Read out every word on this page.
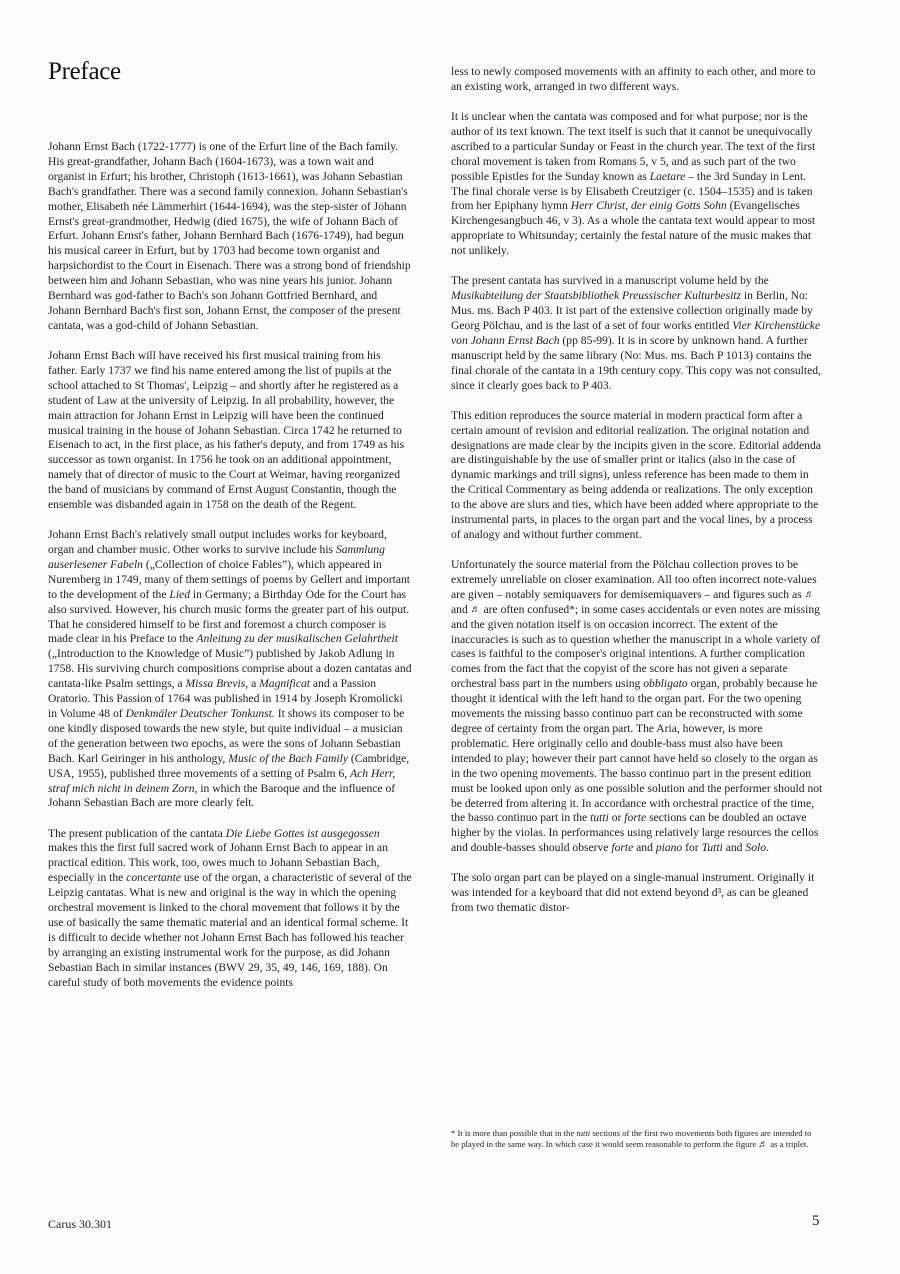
Preface

Johann Ernst Bach (1722-1777) is one of the Erfurt line of the Bach family. His great-grandfather, Johann Bach (1604-1673), was a town wait and organist in Erfurt; his brother, Christoph (1613-1661), was Johann Sebastian Bach's grandfather. There was a second family connexion. Johann Sebastian's mother, Elisabeth née Lämmerhirt (1644-1694), was the step-sister of Johann Ernst's great-grandmother, Hedwig (died 1675), the wife of Johann Bach of Erfurt. Johann Ernst's father, Johann Bernhard Bach (1676-1749), had begun his musical career in Erfurt, but by 1703 had become town organist and harpsichordist to the Court in Eisenach. There was a strong bond of friendship between him and Johann Sebastian, who was nine years his junior. Johann Bernhard was god-father to Bach's son Johann Gottfried Bernhard, and Johann Bernhard Bach's first son, Johann Ernst, the composer of the present cantata, was a god-child of Johann Sebastian.

Johann Ernst Bach will have received his first musical training from his father. Early 1737 we find his name entered among the list of pupils at the school attached to St Thomas', Leipzig – and shortly after he registered as a student of Law at the university of Leipzig. In all probability, however, the main attraction for Johann Ernst in Leipzig will have been the continued musical training in the house of Johann Sebastian. Circa 1742 he returned to Eisenach to act, in the first place, as his father's deputy, and from 1749 as his successor as town organist. In 1756 he took on an additional appointment, namely that of director of music to the Court at Weimar, having reorganized the band of musicians by command of Ernst August Constantin, though the ensemble was disbanded again in 1758 on the death of the Regent.

Johann Ernst Bach's relatively small output includes works for keyboard, organ and chamber music. Other works to survive include his Sammlung auserlesener Fabeln („Collection of choice Fables”), which appeared in Nuremberg in 1749, many of them settings of poems by Gellert and important to the development of the Lied in Germany; a Birthday Ode for the Court has also survived. However, his church music forms the greater part of his output. That he considered himself to be first and foremost a church composer is made clear in his Preface to the Anleitung zu der musikalischen Gelahrtheit („Introduction to the Knowledge of Music”) published by Jakob Adlung in 1758. His surviving church compositions comprise about a dozen cantatas and cantata-like Psalm settings, a Missa Brevis, a Magnificat and a Passion Oratorio. This Passion of 1764 was published in 1914 by Joseph Kromolicki in Volume 48 of Denkmäler Deutscher Tonkunst. It shows its composer to be one kindly disposed towards the new style, but quite individual – a musician of the generation between two epochs, as were the sons of Johann Sebastian Bach. Karl Geiringer in his anthology, Music of the Bach Family (Cambridge, USA, 1955), published three movements of a setting of Psalm 6, Ach Herr, straf mich nicht in deinem Zorn, in which the Baroque and the influence of Johann Sebastian Bach are more clearly felt.

The present publication of the cantata Die Liebe Gottes ist ausgegossen makes this the first full sacred work of Johann Ernst Bach to appear in an practical edition. This work, too, owes much to Johann Sebastian Bach, especially in the concertante use of the organ, a characteristic of several of the Leipzig cantatas. What is new and original is the way in which the opening orchestral movement is linked to the choral movement that follows it by the use of basically the same thematic material and an identical formal scheme. It is difficult to decide whether not Johann Ernst Bach has followed his teacher by arranging an existing instrumental work for the purpose, as did Johann Sebastian Bach in similar instances (BWV 29, 35, 49, 146, 169, 188). On careful study of both movements the evidence points

less to newly composed movements with an affinity to each other, and more to an existing work, arranged in two different ways.

It is unclear when the cantata was composed and for what purpose; nor is the author of its text known. The text itself is such that it cannot be unequivocally ascribed to a particular Sunday or Feast in the church year. The text of the first choral movement is taken from Romans 5, v 5, and as such part of the two possible Epistles for the Sunday known as Laetare – the 3rd Sunday in Lent. The final chorale verse is by Elisabeth Creutziger (c. 1504–1535) and is taken from her Epiphany hymn Herr Christ, der einig Gotts Sohn (Evangelisches Kirchengesangbuch 46, v 3). As a whole the cantata text would appear to most appropriate to Whitsunday; certainly the festal nature of the music makes that not unlikely.

The present cantata has survived in a manuscript volume held by the Musikabteilung der Staatsbibliothek Preussischer Kulturbesitz in Berlin, No: Mus. ms. Bach P 403. It ist part of the extensive collection originally made by Georg Pölchau, and is the last of a set of four works entitled Vier Kirchenstücke von Johann Ernst Bach (pp 85-99). It is in score by unknown hand. A further manuscript held by the same library (No: Mus. ms. Bach P 1013) contains the final chorale of the cantata in a 19th century copy. This copy was not consulted, since it clearly goes back to P 403.

This edition reproduces the source material in modern practical form after a certain amount of revision and editorial realization. The original notation and designations are made clear by the incipits given in the score. Editorial addenda are distinguishable by the use of smaller print or italics (also in the case of dynamic markings and trill signs), unless reference has been made to them in the Critical Commentary as being addenda or realizations. The only exception to the above are slurs and ties, which have been added where appropriate to the instrumental parts, in places to the organ part and the vocal lines, by a process of analogy and without further comment.

Unfortunately the source material from the Pölchau collection proves to be extremely unreliable on closer examination. All too often incorrect note-values are given – notably semiquavers for demisemiquavers – and figures such as ♬ and ♬ are often confused*; in some cases accidentals or even notes are missing and the given notation itself is on occasion incorrect. The extent of the inaccuracies is such as to question whether the manuscript in a whole variety of cases is faithful to the composer's original intentions. A further complication comes from the fact that the copyist of the score has not given a separate orchestral bass part in the numbers using obbligato organ, probably because he thought it identical with the left hand to the organ part. For the two opening movements the missing basso continuo part can be reconstructed with some degree of certainty from the organ part. The Aria, however, is more problematic. Here originally cello and double-bass must also have been intended to play; however their part cannot have held so closely to the organ as in the two opening movements. The basso continuo part in the present edition must be looked upon only as one possible solution and the performer should not be deterred from altering it. In accordance with orchestral practice of the time, the basso continuo part in the tutti or forte sections can be doubled an octave higher by the violas. In performances using relatively large resources the cellos and double-basses should observe forte and piano for Tutti and Solo.

The solo organ part can be played on a single-manual instrument. Originally it was intended for a keyboard that did not extend beyond d³, as can be gleaned from two thematic distor-

* It is more than possible that in the tutti sections of the first two movements both figures are intended to be played in the same way. In which case it would seem reasonable to perform the figure ♬ as a triplet.

Carus 30.301	5
